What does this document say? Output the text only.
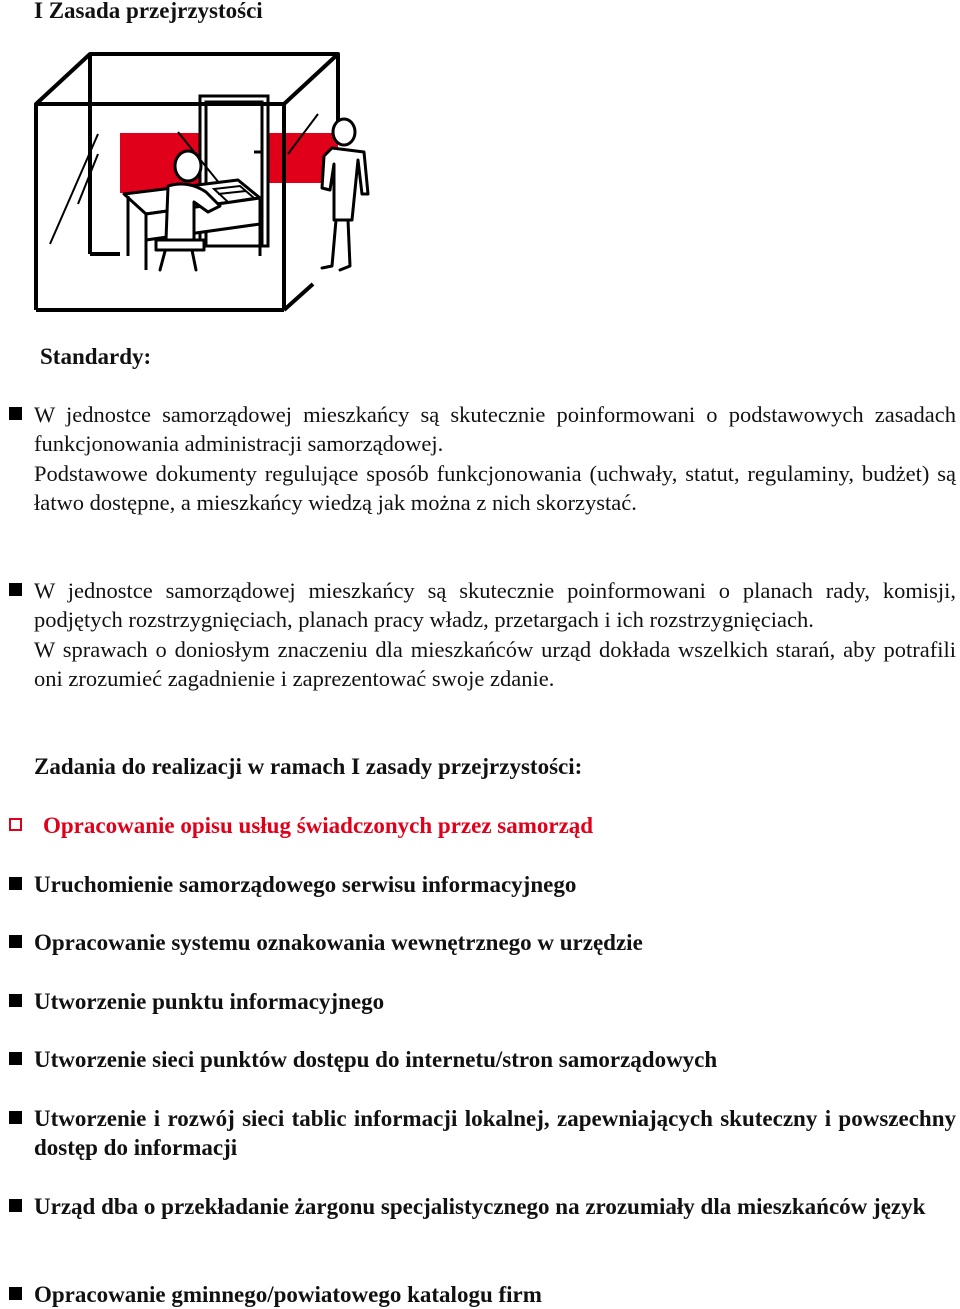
I Zasada przejrzystości
Standardy:

W jednostce samorządowej mieszkańcy są skutecznie poinformowani o podstawowych zasadach funkcjonowania administracji samorządowej.
Podstawowe dokumenty regulujące sposób funkcjonowania (uchwały, statut, regulaminy, budżet) są łatwo dostępne, a mieszkańcy wiedzą jak można z nich skorzystać.

W jednostce samorządowej mieszkańcy są skutecznie poinformowani o planach rady, komisji, podjętych rozstrzygnięciach, planach pracy władz, przetargach i ich rozstrzygnięciach.
W sprawach o doniosłym znaczeniu dla mieszkańców urząd dokłada wszelkich starań, aby potrafili oni zrozumieć zagadnienie i zaprezentować swoje zdanie.

Zadania do realizacji w ramach I zasady przejrzystości:

Opracowanie opisu usług świadczonych przez samorząd

Uruchomienie samorządowego serwisu informacyjnego

Opracowanie systemu oznakowania wewnętrznego w urzędzie

Utworzenie punktu informacyjnego

Utworzenie sieci punktów dostępu do internetu/stron samorządowych

Utworzenie i rozwój sieci tablic informacji lokalnej, zapewniających skuteczny i powszechny dostęp do informacji

Urząd dba o przekładanie żargonu specjalistycznego na zrozumiały dla mieszkańców język

Opracowanie gminnego/powiatowego katalogu firm
